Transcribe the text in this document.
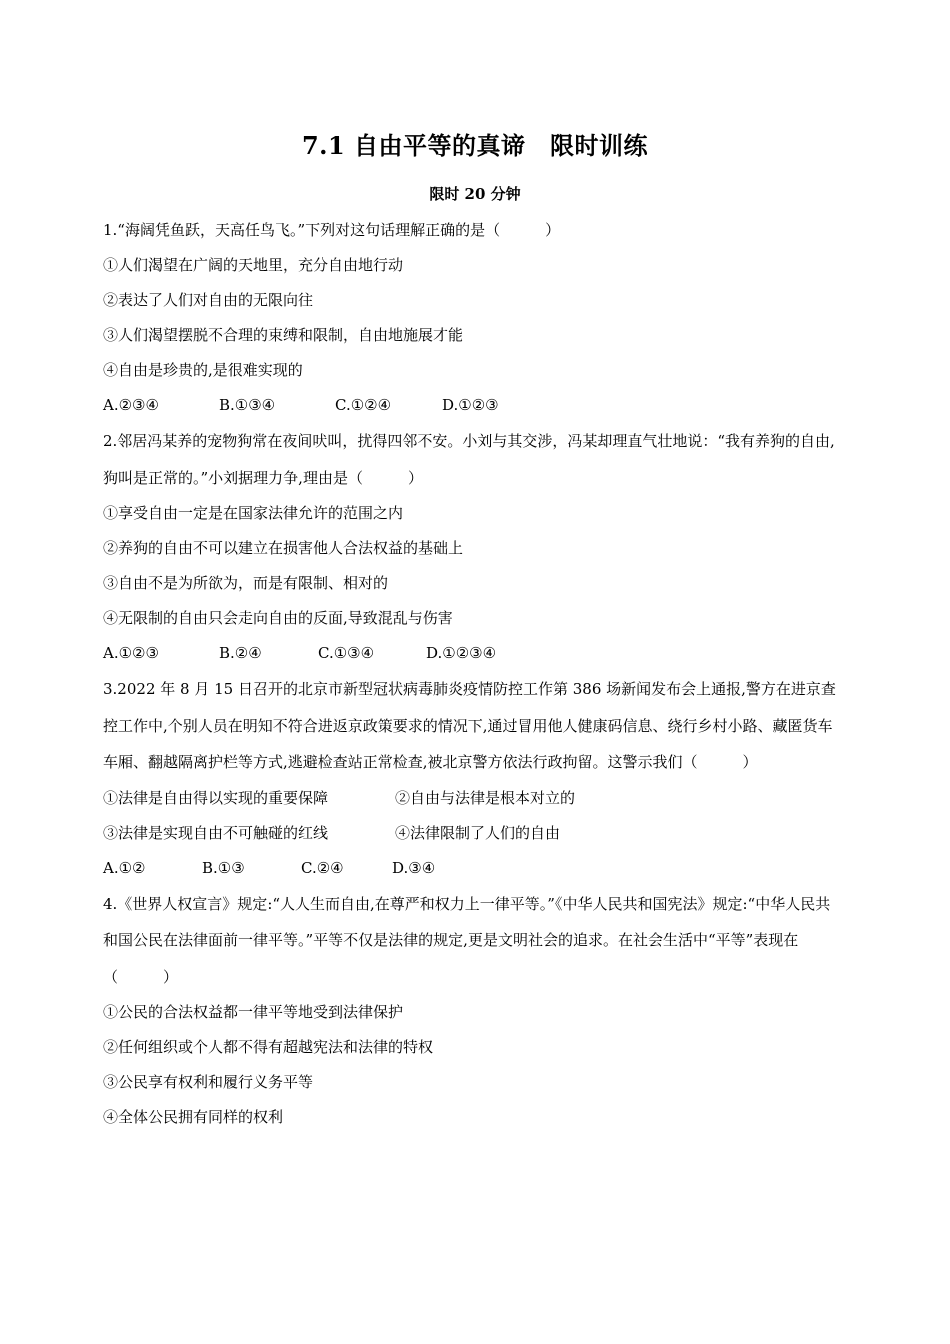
7.1 自由平等的真谛　限时训练

限时 20 分钟

1.“海阔凭鱼跃，天高任鸟飞。”下列对这句话理解正确的是（　　　）
①人们渴望在广阔的天地里，充分自由地行动
②表达了人们对自由的无限向往
③人们渴望摆脱不合理的束缚和限制，自由地施展才能
④自由是珍贵的,是很难实现的
A.②③④	B.①③④	C.①②④	D.①②③
2.邻居冯某养的宠物狗常在夜间吠叫，扰得四邻不安。小刘与其交涉，冯某却理直气壮地说：“我有养狗的自由,狗叫是正常的。”小刘据理力争,理由是（　　　）
①享受自由一定是在国家法律允许的范围之内
②养狗的自由不可以建立在损害他人合法权益的基础上
③自由不是为所欲为，而是有限制、相对的
④无限制的自由只会走向自由的反面,导致混乱与伤害
A.①②③	B.②④	C.①③④	D.①②③④
3.2022 年 8 月 15 日召开的北京市新型冠状病毒肺炎疫情防控工作第 386 场新闻发布会上通报,警方在进京查控工作中,个别人员在明知不符合进返京政策要求的情况下,通过冒用他人健康码信息、绕行乡村小路、藏匿货车车厢、翻越隔离护栏等方式,逃避检查站正常检查,被北京警方依法行政拘留。这警示我们（　　　）
①法律是自由得以实现的重要保障	②自由与法律是根本对立的
③法律是实现自由不可触碰的红线	④法律限制了人们的自由
A.①②	B.①③	C.②④	D.③④
4.《世界人权宣言》规定:“人人生而自由,在尊严和权力上一律平等。”《中华人民共和国宪法》规定:“中华人民共和国公民在法律面前一律平等。”平等不仅是法律的规定,更是文明社会的追求。在社会生活中“平等”表现在（　　　）
①公民的合法权益都一律平等地受到法律保护
②任何组织或个人都不得有超越宪法和法律的特权
③公民享有权利和履行义务平等
④全体公民拥有同样的权利
